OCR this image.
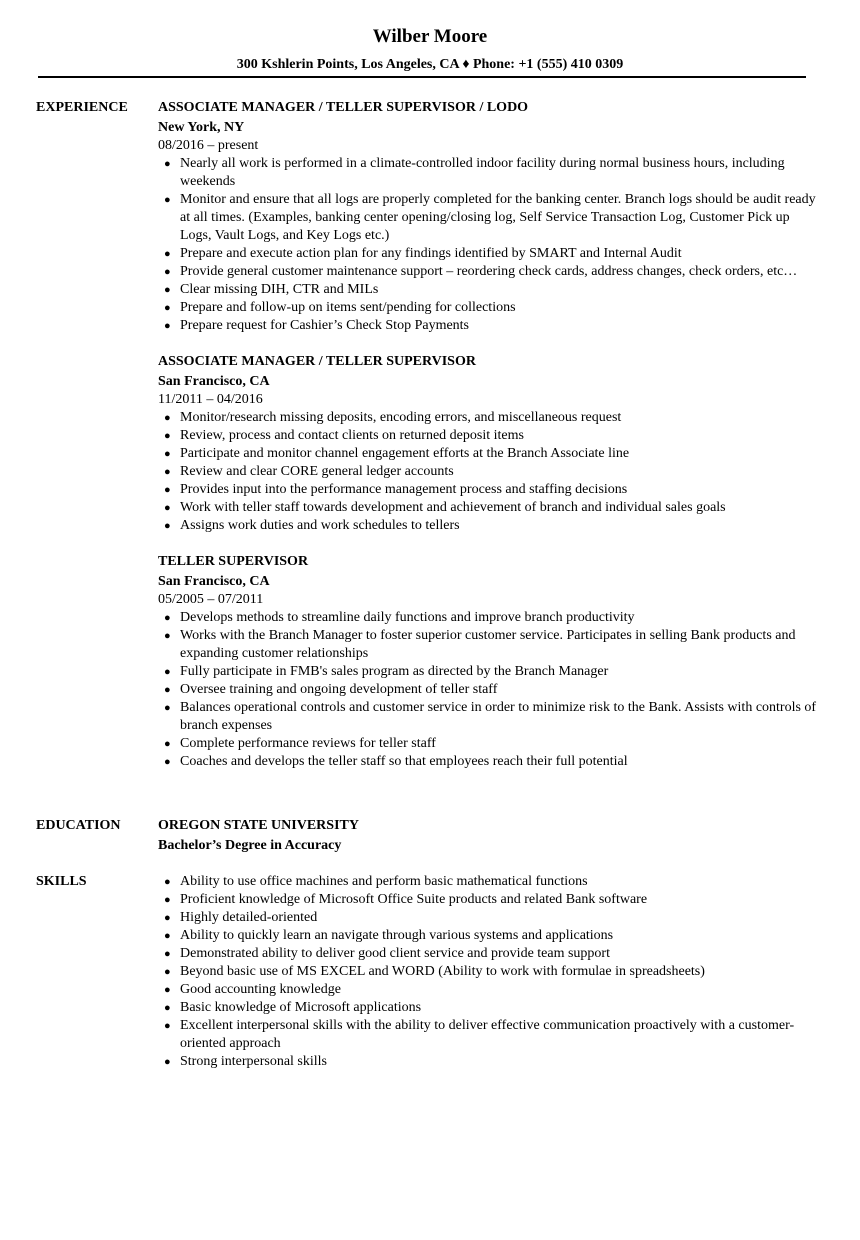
Wilber Moore
300 Kshlerin Points, Los Angeles, CA ♦ Phone: +1 (555) 410 0309
EXPERIENCE ASSOCIATE MANAGER / TELLER SUPERVISOR / LODO
New York, NY
08/2016 – present
● Nearly all work is performed in a climate-controlled indoor facility during normal business hours, including weekends
● Monitor and ensure that all logs are properly completed for the banking center. Branch logs should be audit ready at all times. (Examples, banking center opening/closing log, Self Service Transaction Log, Customer Pick up Logs, Vault Logs, and Key Logs etc.)
● Prepare and execute action plan for any findings identified by SMART and Internal Audit
● Provide general customer maintenance support – reordering check cards, address changes, check orders, etc…
● Clear missing DIH, CTR and MILs
● Prepare and follow-up on items sent/pending for collections
● Prepare request for Cashier’s Check Stop Payments
ASSOCIATE MANAGER / TELLER SUPERVISOR
San Francisco, CA
11/2011 – 04/2016
● Monitor/research missing deposits, encoding errors, and miscellaneous request
● Review, process and contact clients on returned deposit items
● Participate and monitor channel engagement efforts at the Branch Associate line
● Review and clear CORE general ledger accounts
● Provides input into the performance management process and staffing decisions
● Work with teller staff towards development and achievement of branch and individual sales goals
● Assigns work duties and work schedules to tellers
TELLER SUPERVISOR
San Francisco, CA
05/2005 – 07/2011
● Develops methods to streamline daily functions and improve branch productivity
● Works with the Branch Manager to foster superior customer service. Participates in selling Bank products and expanding customer relationships
● Fully participate in FMB's sales program as directed by the Branch Manager
● Oversee training and ongoing development of teller staff
● Balances operational controls and customer service in order to minimize risk to the Bank. Assists with controls of branch expenses
● Complete performance reviews for teller staff
● Coaches and develops the teller staff so that employees reach their full potential
EDUCATION	OREGON STATE UNIVERSITY
Bachelor’s Degree in Accuracy
SKILLS	● Ability to use office machines and perform basic mathematical functions
● Proficient knowledge of Microsoft Office Suite products and related Bank software
● Highly detailed-oriented
● Ability to quickly learn an navigate through various systems and applications
● Demonstrated ability to deliver good client service and provide team support
● Beyond basic use of MS EXCEL and WORD (Ability to work with formulae in spreadsheets)
● Good accounting knowledge
● Basic knowledge of Microsoft applications
● Excellent interpersonal skills with the ability to deliver effective communication proactively with a customer-oriented approach
● Strong interpersonal skills
